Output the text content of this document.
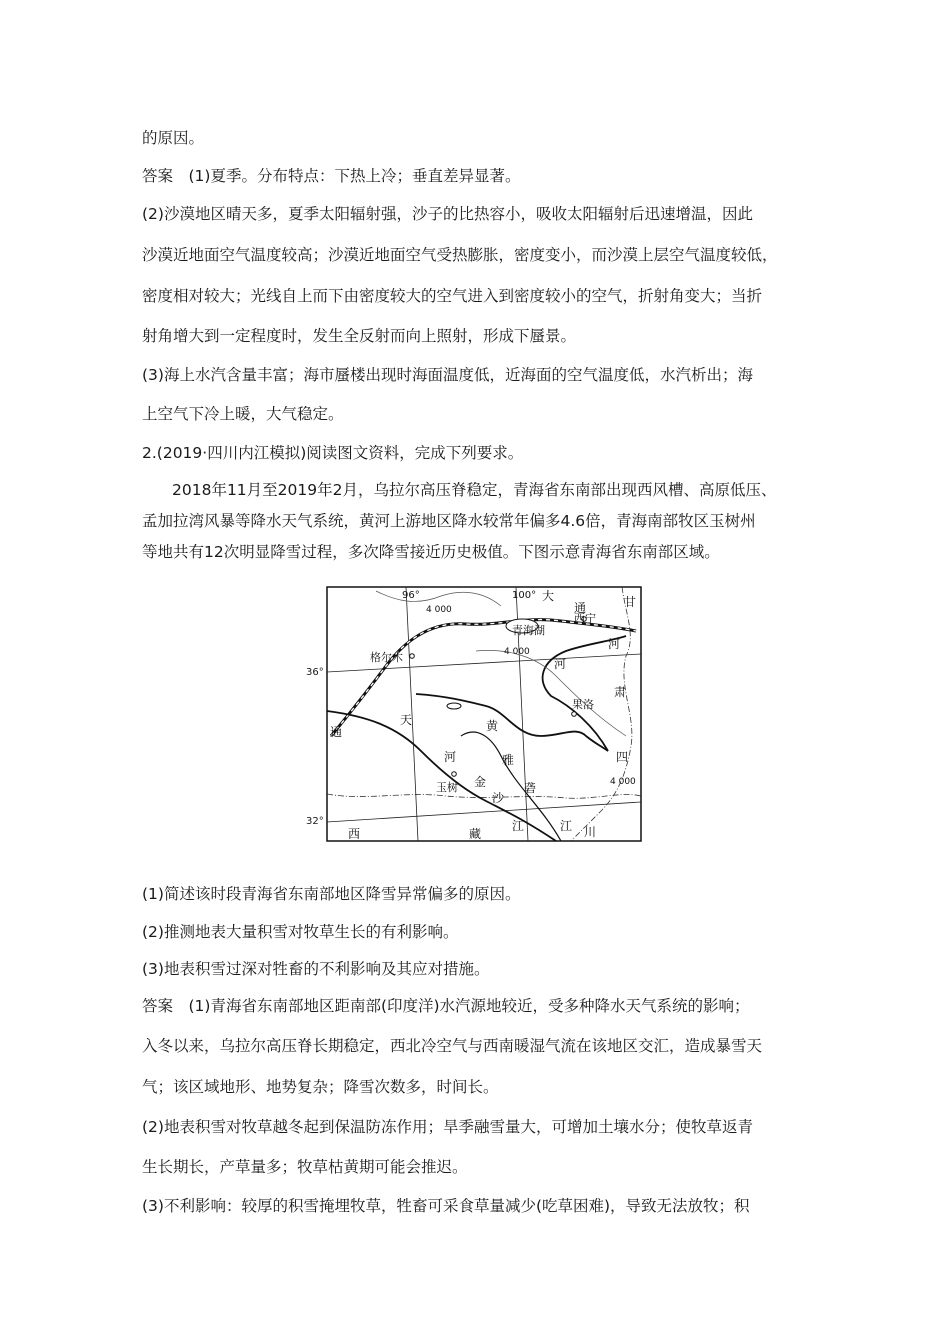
的原因。
答案　(1)夏季。分布特点：下热上冷；垂直差异显著。
(2)沙漠地区晴天多，夏季太阳辐射强，沙子的比热容小，吸收太阳辐射后迅速增温，因此
沙漠近地面空气温度较高；沙漠近地面空气受热膨胀，密度变小，而沙漠上层空气温度较低，
密度相对较大；光线自上而下由密度较大的空气进入到密度较小的空气，折射角变大；当折
射角增大到一定程度时，发生全反射而向上照射，形成下蜃景。
(3)海上水汽含量丰富；海市蜃楼出现时海面温度低，近海面的空气温度低，水汽析出；海
上空气下冷上暖，大气稳定。
2.(2019·四川内江模拟)阅读图文资料，完成下列要求。
2018年11月至2019年2月，乌拉尔高压脊稳定，青海省东南部出现西风槽、高原低压、
孟加拉湾风暴等降水天气系统，黄河上游地区降水较常年偏多4.6倍，青海南部牧区玉树州
等地共有12次明显降雪过程，多次降雪接近历史极值。下图示意青海省东南部区域。
96°	100°
4 000
4 000
4 000
青海湖
西宁
格尔木
果洛
玉树
甘
肃
四
川
西	藏
大
通
河
河
通
天
河
黄
雅
砻
金
沙
江	江
36°
32°
(1)简述该时段青海省东南部地区降雪异常偏多的原因。
(2)推测地表大量积雪对牧草生长的有利影响。
(3)地表积雪过深对牲畜的不利影响及其应对措施。
答案　(1)青海省东南部地区距南部(印度洋)水汽源地较近，受多种降水天气系统的影响；
入冬以来，乌拉尔高压脊长期稳定，西北冷空气与西南暖湿气流在该地区交汇，造成暴雪天
气；该区域地形、地势复杂；降雪次数多，时间长。
(2)地表积雪对牧草越冬起到保温防冻作用；旱季融雪量大，可增加土壤水分；使牧草返青
生长期长，产草量多；牧草枯黄期可能会推迟。
(3)不利影响：较厚的积雪掩埋牧草，牲畜可采食草量减少(吃草困难)，导致无法放牧；积
